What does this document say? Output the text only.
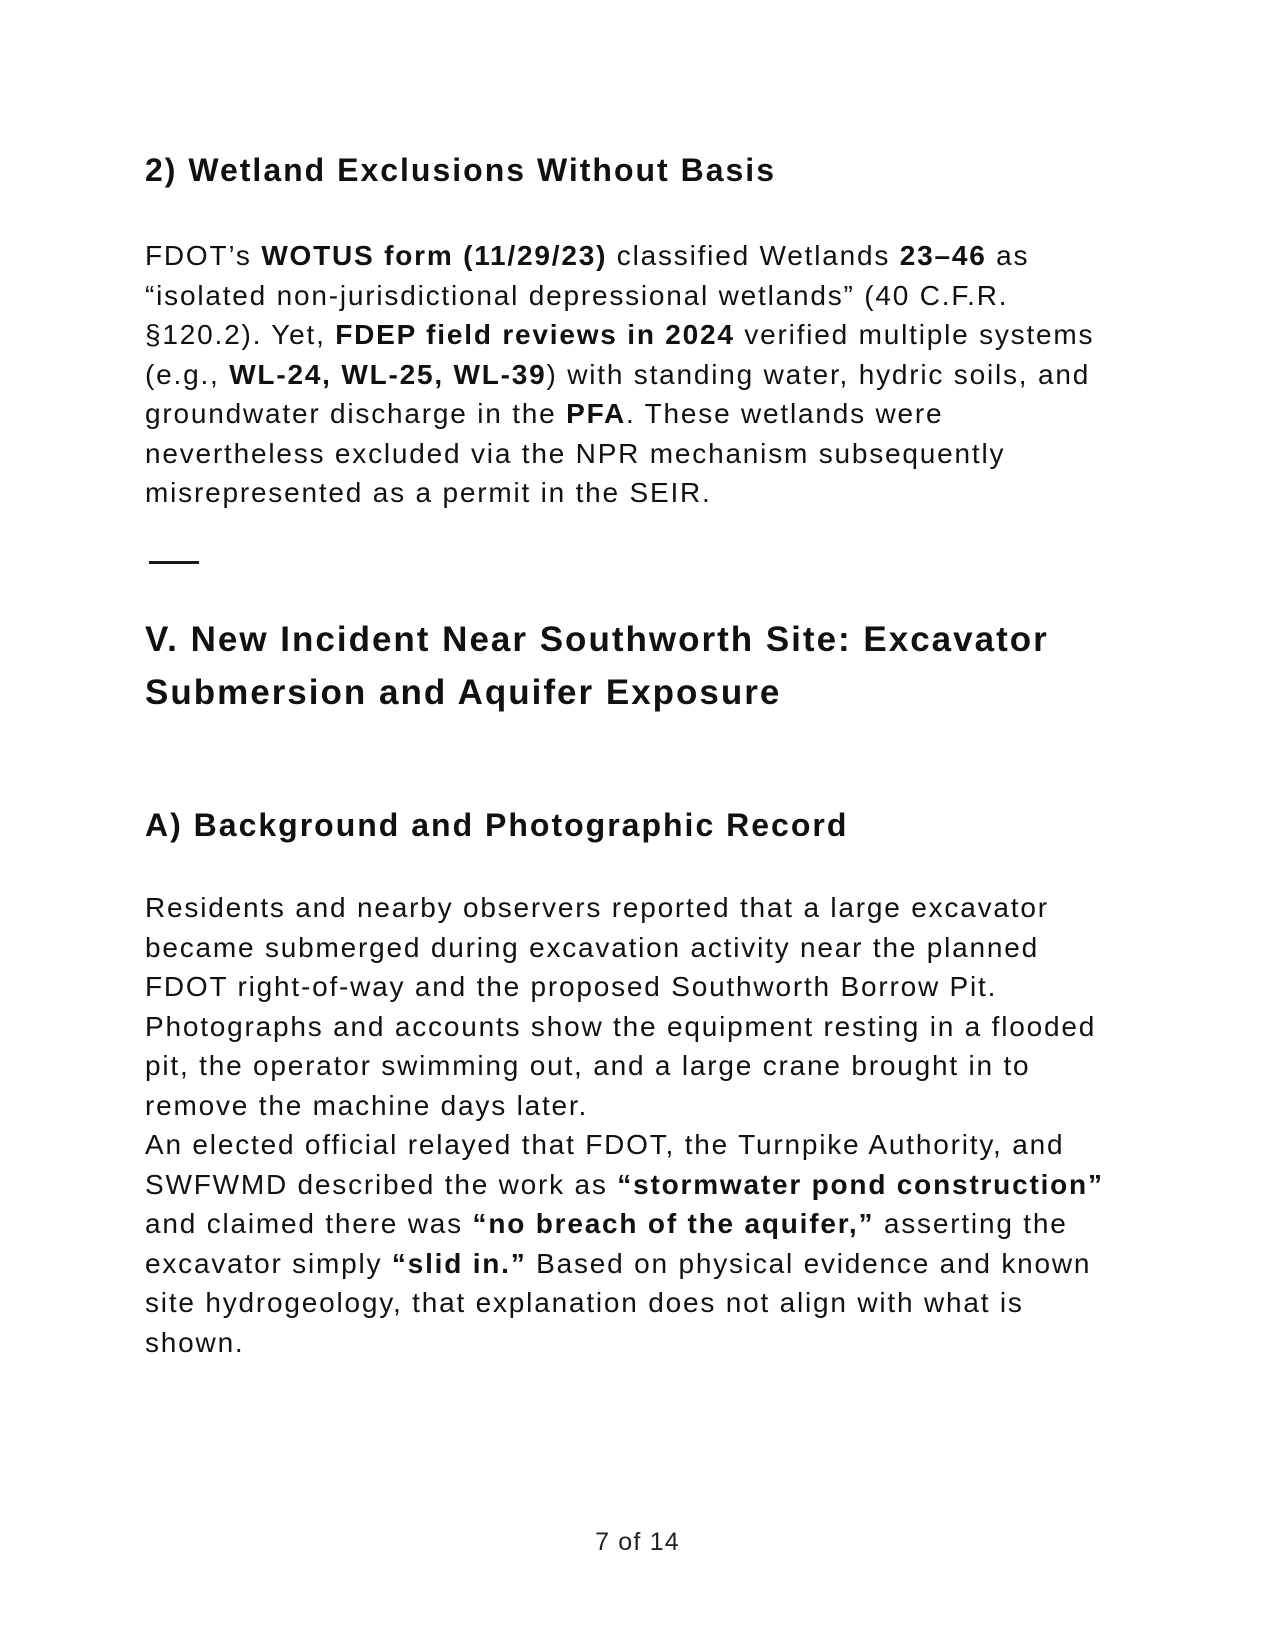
2) Wetland Exclusions Without Basis

FDOT’s WOTUS form (11/29/23) classified Wetlands 23–46 as “isolated non-jurisdictional depressional wetlands” (40 C.F.R. §120.2). Yet, FDEP field reviews in 2024 verified multiple systems (e.g., WL-24, WL-25, WL-39) with standing water, hydric soils, and groundwater discharge in the PFA. These wetlands were nevertheless excluded via the NPR mechanism subsequently misrepresented as a permit in the SEIR.

V. New Incident Near Southworth Site: Excavator Submersion and Aquifer Exposure
A) Background and Photographic Record

Residents and nearby observers reported that a large excavator became submerged during excavation activity near the planned FDOT right-of-way and the proposed Southworth Borrow Pit. Photographs and accounts show the equipment resting in a flooded pit, the operator swimming out, and a large crane brought in to remove the machine days later.
An elected official relayed that FDOT, the Turnpike Authority, and SWFWMD described the work as “stormwater pond construction” and claimed there was “no breach of the aquifer,” asserting the excavator simply “slid in.” Based on physical evidence and known site hydrogeology, that explanation does not align with what is shown.

7 of 14
